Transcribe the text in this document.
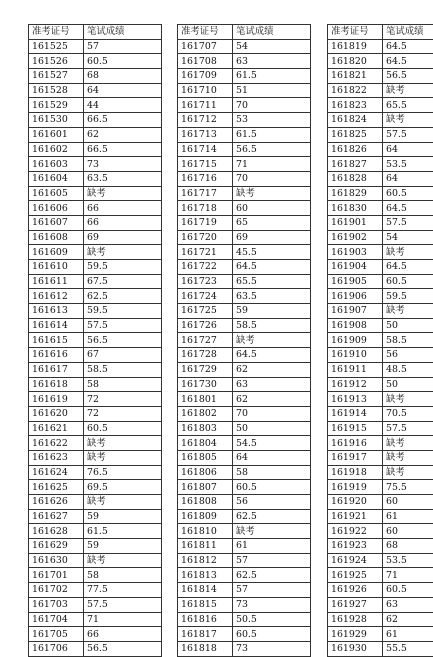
准考证号	笔试成绩
161525	57
161526	60.5
161527	68
161528	64
161529	44
161530	66.5
161601	62
161602	66.5
161603	73
161604	63.5
161605	缺考
161606	66
161607	66
161608	69
161609	缺考
161610	59.5
161611	67.5
161612	62.5
161613	59.5
161614	57.5
161615	56.5
161616	67
161617	58.5
161618	58
161619	72
161620	72
161621	60.5
161622	缺考
161623	缺考
161624	76.5
161625	69.5
161626	缺考
161627	59
161628	61.5
161629	59
161630	缺考
161701	58
161702	77.5
161703	57.5
161704	71
161705	66
161706	56.5
准考证号	笔试成绩
161707	54
161708	63
161709	61.5
161710	51
161711	70
161712	53
161713	61.5
161714	56.5
161715	71
161716	70
161717	缺考
161718	60
161719	65
161720	69
161721	45.5
161722	64.5
161723	65.5
161724	63.5
161725	59
161726	58.5
161727	缺考
161728	64.5
161729	62
161730	63
161801	62
161802	70
161803	50
161804	54.5
161805	64
161806	58
161807	60.5
161808	56
161809	62.5
161810	缺考
161811	61
161812	57
161813	62.5
161814	57
161815	73
161816	50.5
161817	60.5
161818	73
准考证号	笔试成绩
161819	64.5
161820	64.5
161821	56.5
161822	缺考
161823	65.5
161824	缺考
161825	57.5
161826	64
161827	53.5
161828	64
161829	60.5
161830	64.5
161901	57.5
161902	54
161903	缺考
161904	64.5
161905	60.5
161906	59.5
161907	缺考
161908	50
161909	58.5
161910	56
161911	48.5
161912	50
161913	缺考
161914	70.5
161915	57.5
161916	缺考
161917	缺考
161918	缺考
161919	75.5
161920	60
161921	61
161922	60
161923	68
161924	53.5
161925	71
161926	60.5
161927	63
161928	62
161929	61
161930	55.5
